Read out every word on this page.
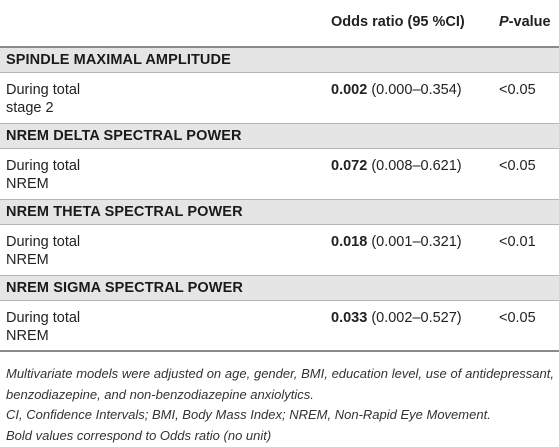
Odds ratio (95 %CI) P-value
SPINDLE MAXIMAL AMPLITUDE
During total
stage 2
0.002 (0.000–0.354)	<0.05
NREM DELTA SPECTRAL POWER
During total
NREM
0.072 (0.008–0.621)	<0.05
NREM THETA SPECTRAL POWER
During total
NREM
0.018 (0.001–0.321)	<0.01
NREM SIGMA SPECTRAL POWER
During total
NREM
0.033 (0.002–0.527)	<0.05

Multivariate models were adjusted on age, gender, BMI, education level, use of antidepressant, benzodiazepine, and non-benzodiazepine anxiolytics.

CI, Confidence Intervals; BMI, Body Mass Index; NREM, Non-Rapid Eye Movement.

Bold values correspond to Odds ratio (no unit)
